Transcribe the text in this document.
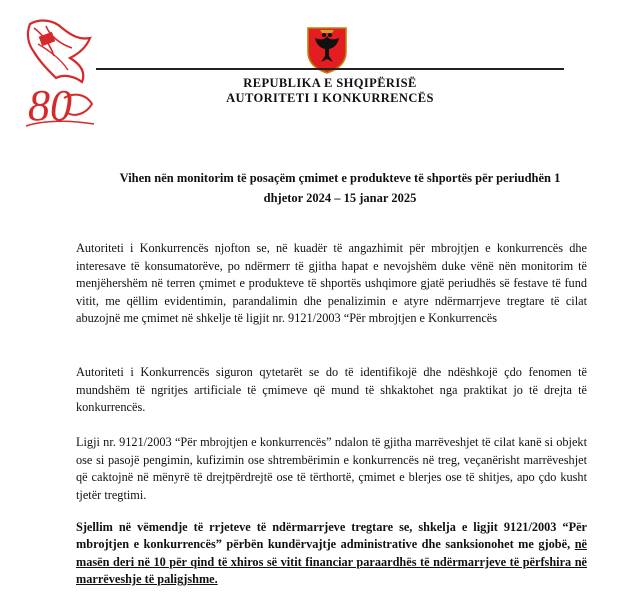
80	REPUBLIKA E SHQIPËRISË
AUTORITETI I KONKURRENCËS
Vihen nën monitorim të posaçëm çmimet e produkteve të shportës për periudhën 1 dhjetor 2024 – 15 janar 2025
Autoriteti i Konkurrencës njofton se, në kuadër të angazhimit për mbrojtjen e konkurrencës dhe interesave të konsumatorëve, po ndërmerr të gjitha hapat e nevojshëm duke vënë nën monitorim të menjëhershëm në terren çmimet e produkteve të shportës ushqimore gjatë periudhës së festave të fund vitit, me qëllim evidentimin, parandalimin dhe penalizimin e atyre ndërmarrjeve tregtare të cilat abuzojnë me çmimet në shkelje të ligjit nr. 9121/2003 “Për mbrojtjen e Konkurrencës
Autoriteti i Konkurrencës siguron qytetarët se do të identifikojë dhe ndëshkojë çdo fenomen të mundshëm të ngritjes artificiale të çmimeve që mund të shkaktohet nga praktikat jo të drejta të konkurrencës.
Ligji nr. 9121/2003 “Për mbrojtjen e konkurrencës” ndalon të gjitha marrëveshjet të cilat kanë si objekt ose si pasojë pengimin, kufizimin ose shtrembërimin e konkurrencës në treg, veçanërisht marrëveshjet që caktojnë në mënyrë të drejtpërdrejtë ose të tërthortë, çmimet e blerjes ose të shitjes, apo çdo kusht tjetër tregtimi.
Sjellim në vëmendje të rrjeteve të ndërmarrjeve tregtare se, shkelja e ligjit 9121/2003 “Për mbrojtjen e konkurrencës” përbën kundërvajtje administrative dhe sanksionohet me gjobë, në masën deri në 10 për qind të xhiros së vitit financiar paraardhës të ndërmarrjeve të përfshira në marrëveshje të paligjshme.
